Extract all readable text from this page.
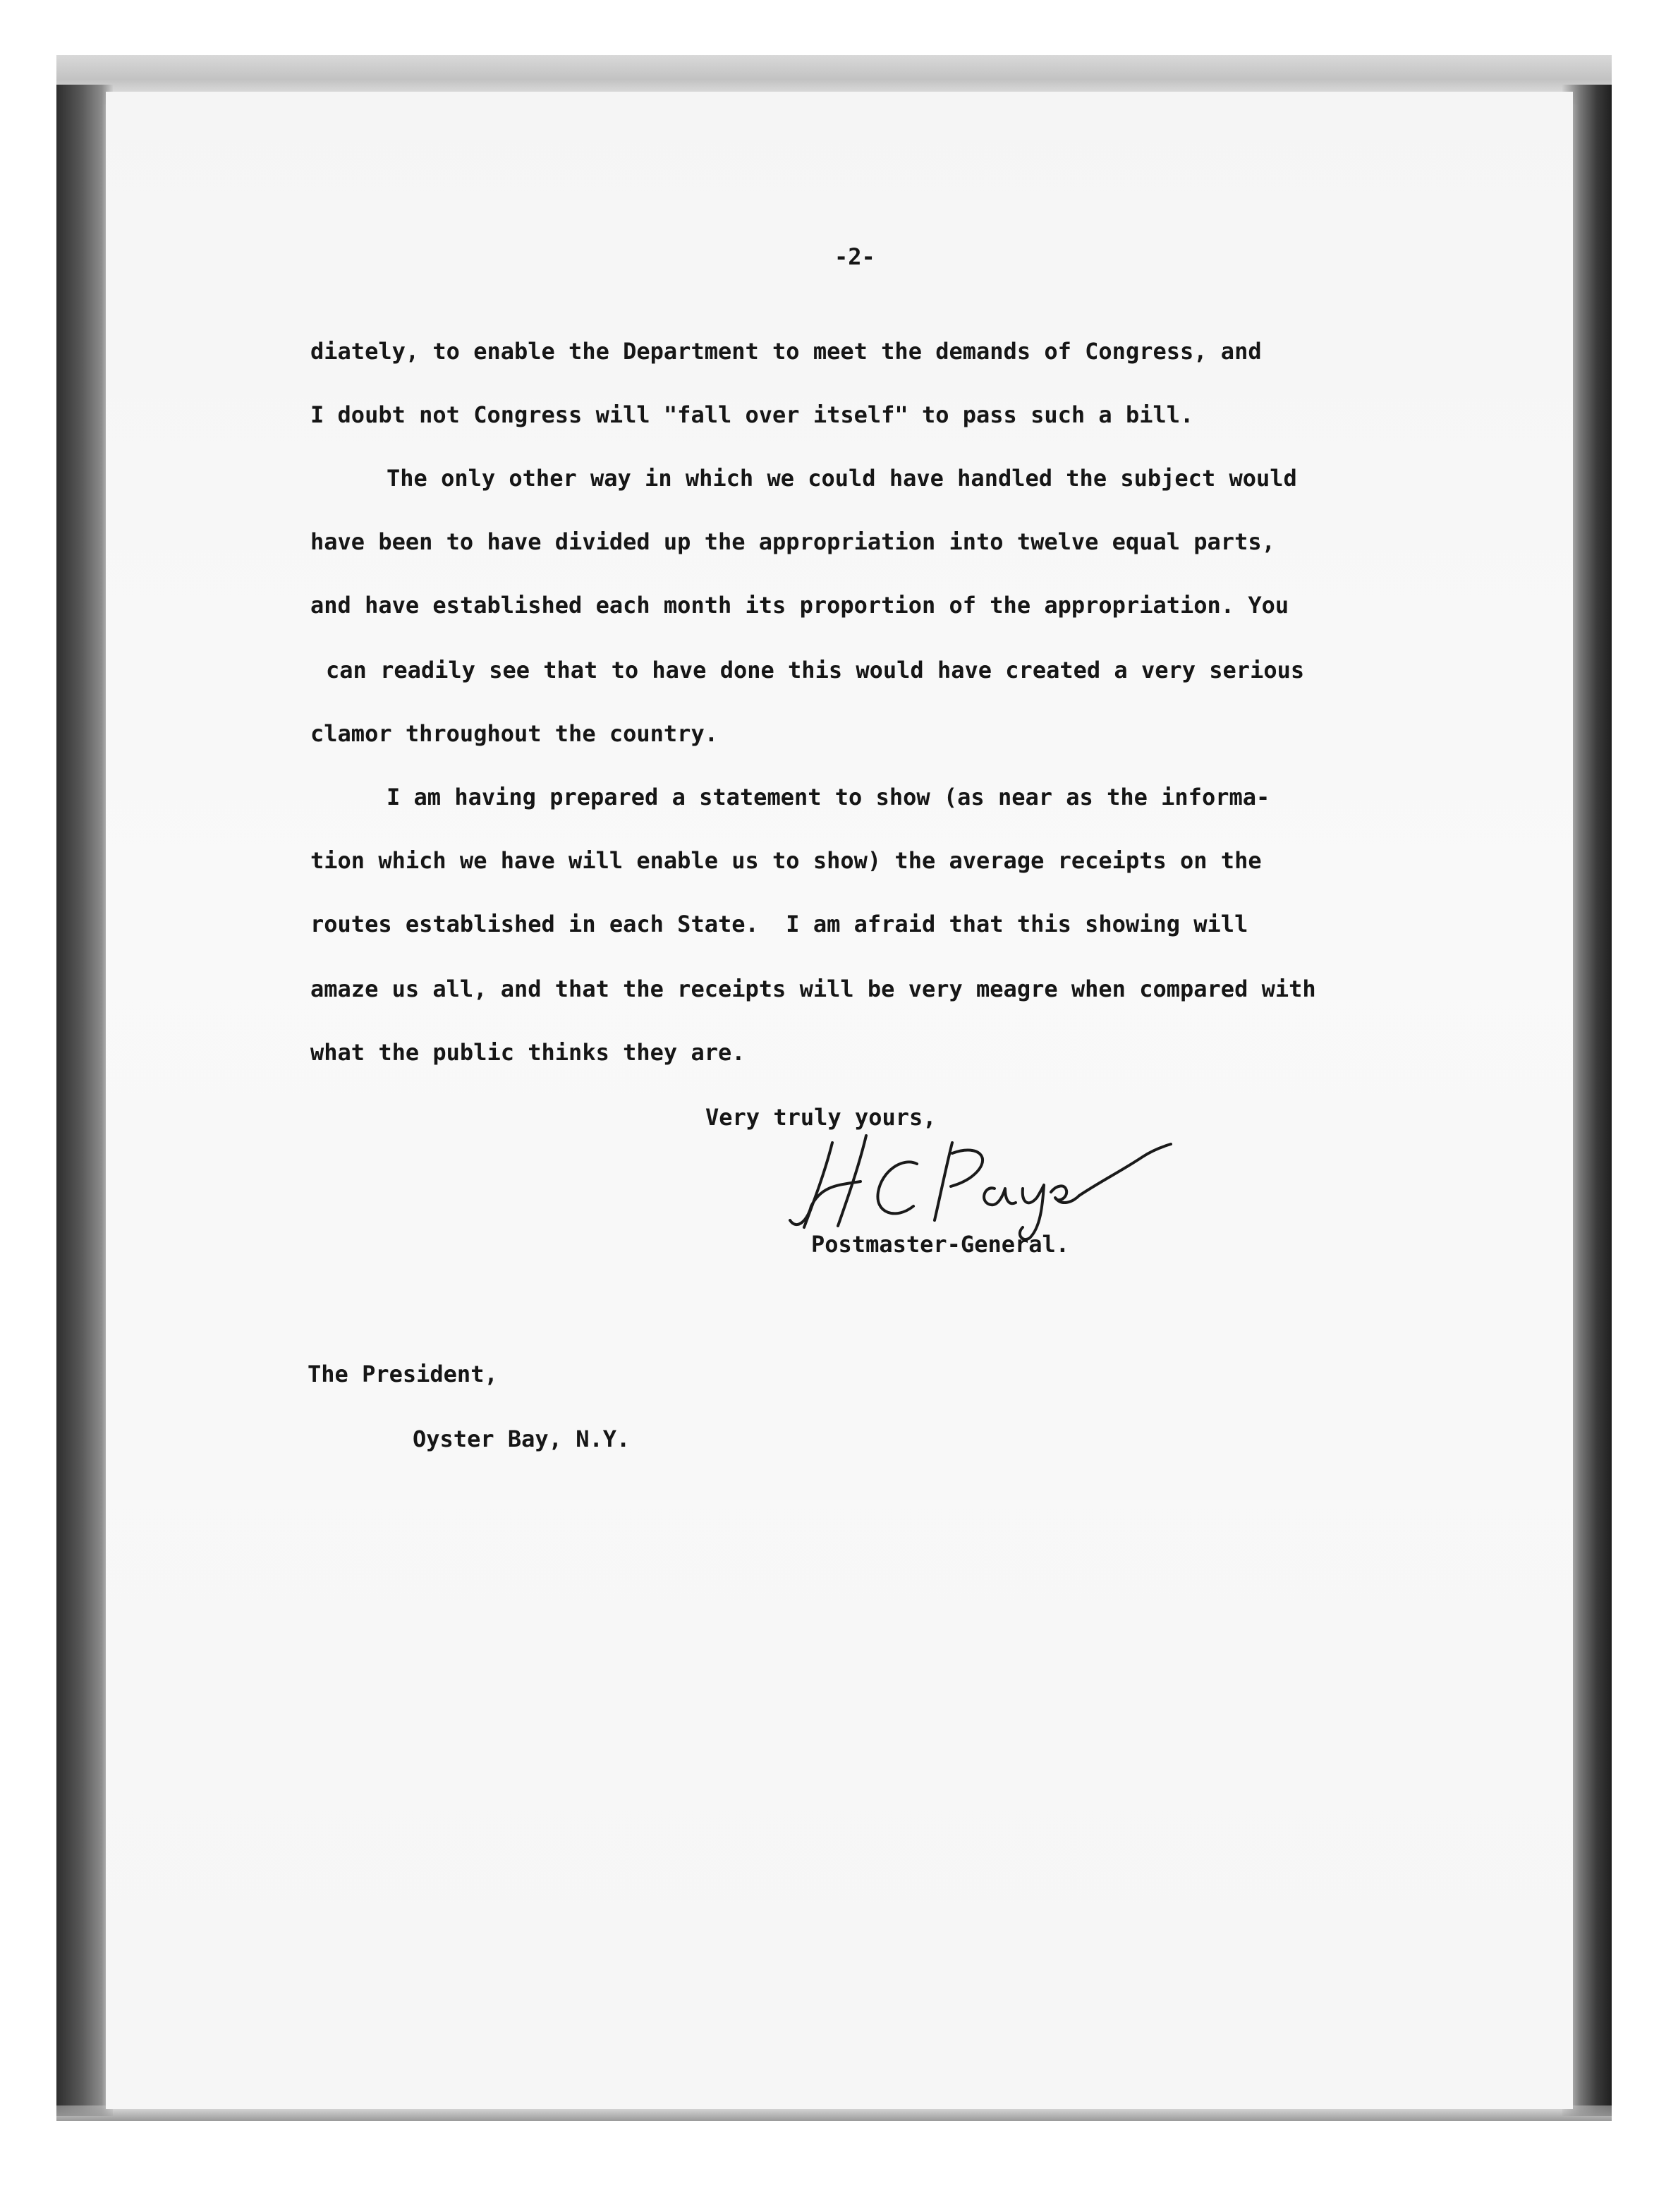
-2-

diately, to enable the Department to meet the demands of Congress, and

I doubt not Congress will "fall over itself" to pass such a bill.

The only other way in which we could have handled the subject would

have been to have divided up the appropriation into twelve equal parts,

and have established each month its proportion of the appropriation. You

can readily see that to have done this would have created a very serious

clamor throughout the country.

I am having prepared a statement to show (as near as the informa-

tion which we have will enable us to show) the average receipts on the

routes established in each State.  I am afraid that this showing will

amaze us all, and that the receipts will be very meagre when compared with

what the public thinks they are.

Very truly yours,

Postmaster-General.

The President,

Oyster Bay, N.Y.
